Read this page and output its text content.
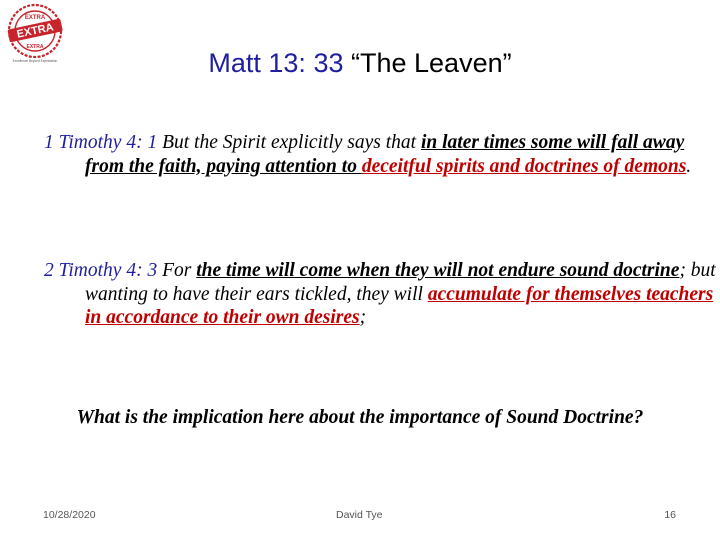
EXTRA
EXTRA
EXTRA
Excellence Beyond Expectation	Matt 13: 33 “The Leaven”
1 Timothy 4: 1 But the Spirit explicitly says that in later times some will fall away from the faith, paying attention to deceitful spirits and doctrines of demons.
2 Timothy 4: 3 For the time will come when they will not endure sound doctrine; but wanting to have their ears tickled, they will accumulate for themselves teachers in accordance to their own desires;
What is the implication here about the importance of Sound Doctrine?
10/28/2020	David Tye	16
